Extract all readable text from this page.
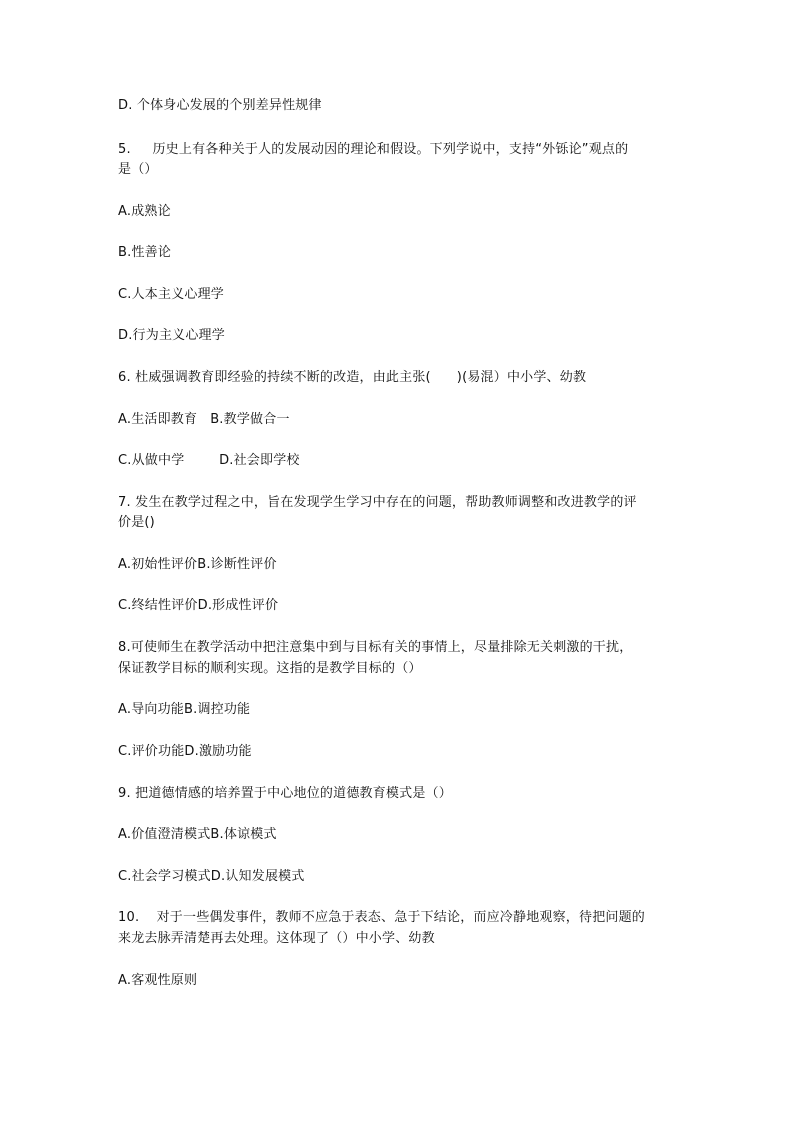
D. 个体身心发展的个别差异性规律
5.     历史上有各种关于人的发展动因的理论和假设。下列学说中，支持“外铄论”观点的
是（）
A.成熟论
B.性善论
C.人本主义心理学
D.行为主义心理学
6. 杜威强调教育即经验的持续不断的改造，由此主张(      )(易混）中小学、幼教
A.生活即教育   B.教学做合一
C.从做中学        D.社会即学校
7. 发生在教学过程之中，旨在发现学生学习中存在的问题，帮助教师调整和改进教学的评
价是()
A.初始性评价B.诊断性评价
C.终结性评价D.形成性评价
8.可使师生在教学活动中把注意集中到与目标有关的事情上，尽量排除无关刺激的干扰，
保证教学目标的顺利实现。这指的是教学目标的（）
A.导向功能B.调控功能
C.评价功能D.激励功能
9. 把道德情感的培养置于中心地位的道德教育模式是（）
A.价值澄清模式B.体谅模式
C.社会学习模式D.认知发展模式
10.    对于一些偶发事件，教师不应急于表态、急于下结论，而应冷静地观察，待把问题的
来龙去脉弄清楚再去处理。这体现了（）中小学、幼教
A.客观性原则
